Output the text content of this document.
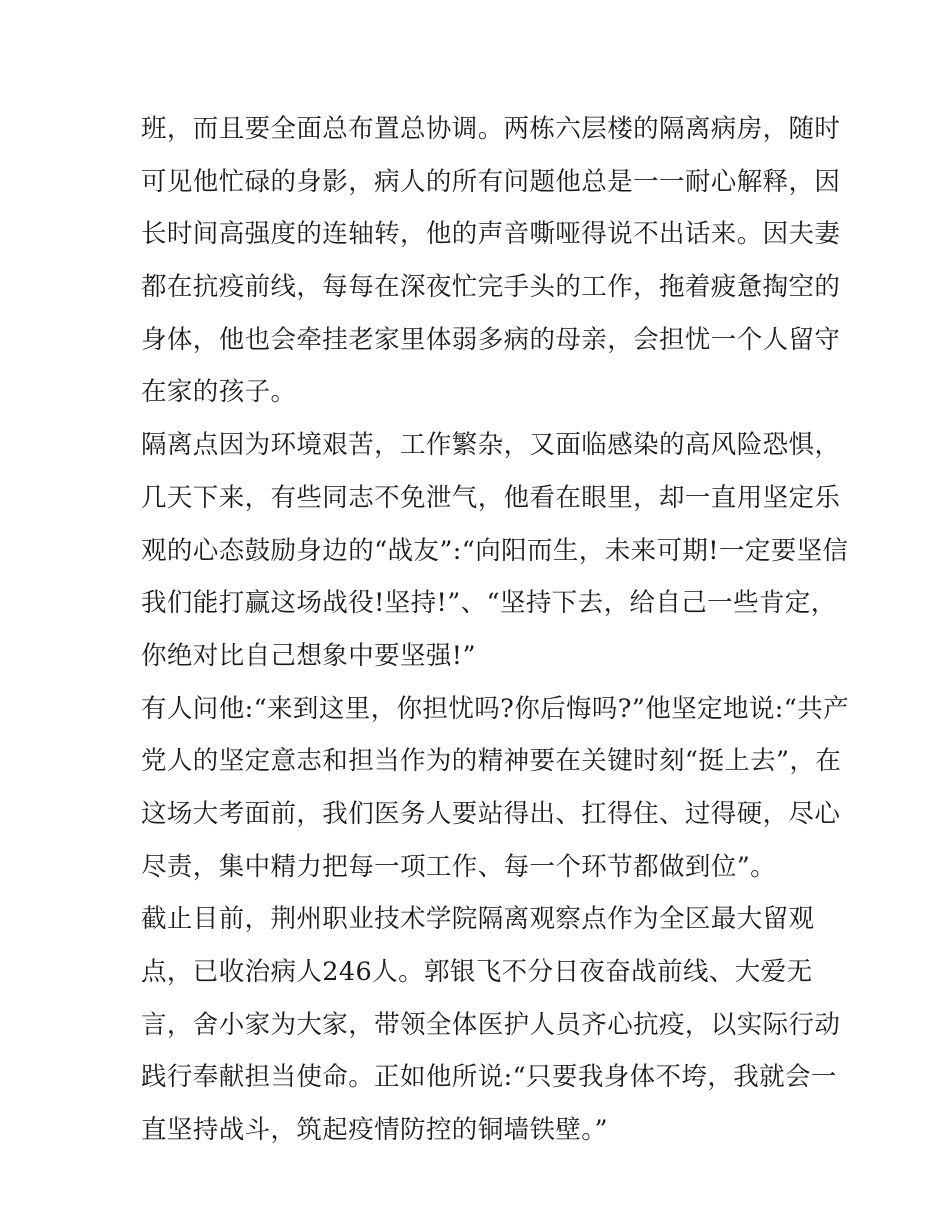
班，而且要全面总布置总协调。两栋六层楼的隔离病房，随时
可见他忙碌的身影，病人的所有问题他总是一一耐心解释，因
长时间高强度的连轴转，他的声音嘶哑得说不出话来。因夫妻
都在抗疫前线，每每在深夜忙完手头的工作，拖着疲惫掏空的
身体，他也会牵挂老家里体弱多病的母亲，会担忧一个人留守
在家的孩子。
隔离点因为环境艰苦，工作繁杂，又面临感染的高风险恐惧，
几天下来，有些同志不免泄气，他看在眼里，却一直用坚定乐
观的心态鼓励身边的“战友”:“向阳而生，未来可期!一定要坚信
我们能打赢这场战役!坚持!”、“坚持下去，给自己一些肯定，
你绝对比自己想象中要坚强!”
有人问他:“来到这里，你担忧吗?你后悔吗?”他坚定地说:“共产
党人的坚定意志和担当作为的精神要在关键时刻“挺上去”，在
这场大考面前，我们医务人要站得出、扛得住、过得硬，尽心
尽责，集中精力把每一项工作、每一个环节都做到位”。
截止目前，荆州职业技术学院隔离观察点作为全区最大留观
点，已收治病人246人。郭银飞不分日夜奋战前线、大爱无
言，舍小家为大家，带领全体医护人员齐心抗疫，以实际行动
践行奉献担当使命。正如他所说:“只要我身体不垮，我就会一
直坚持战斗，筑起疫情防控的铜墙铁壁。”
